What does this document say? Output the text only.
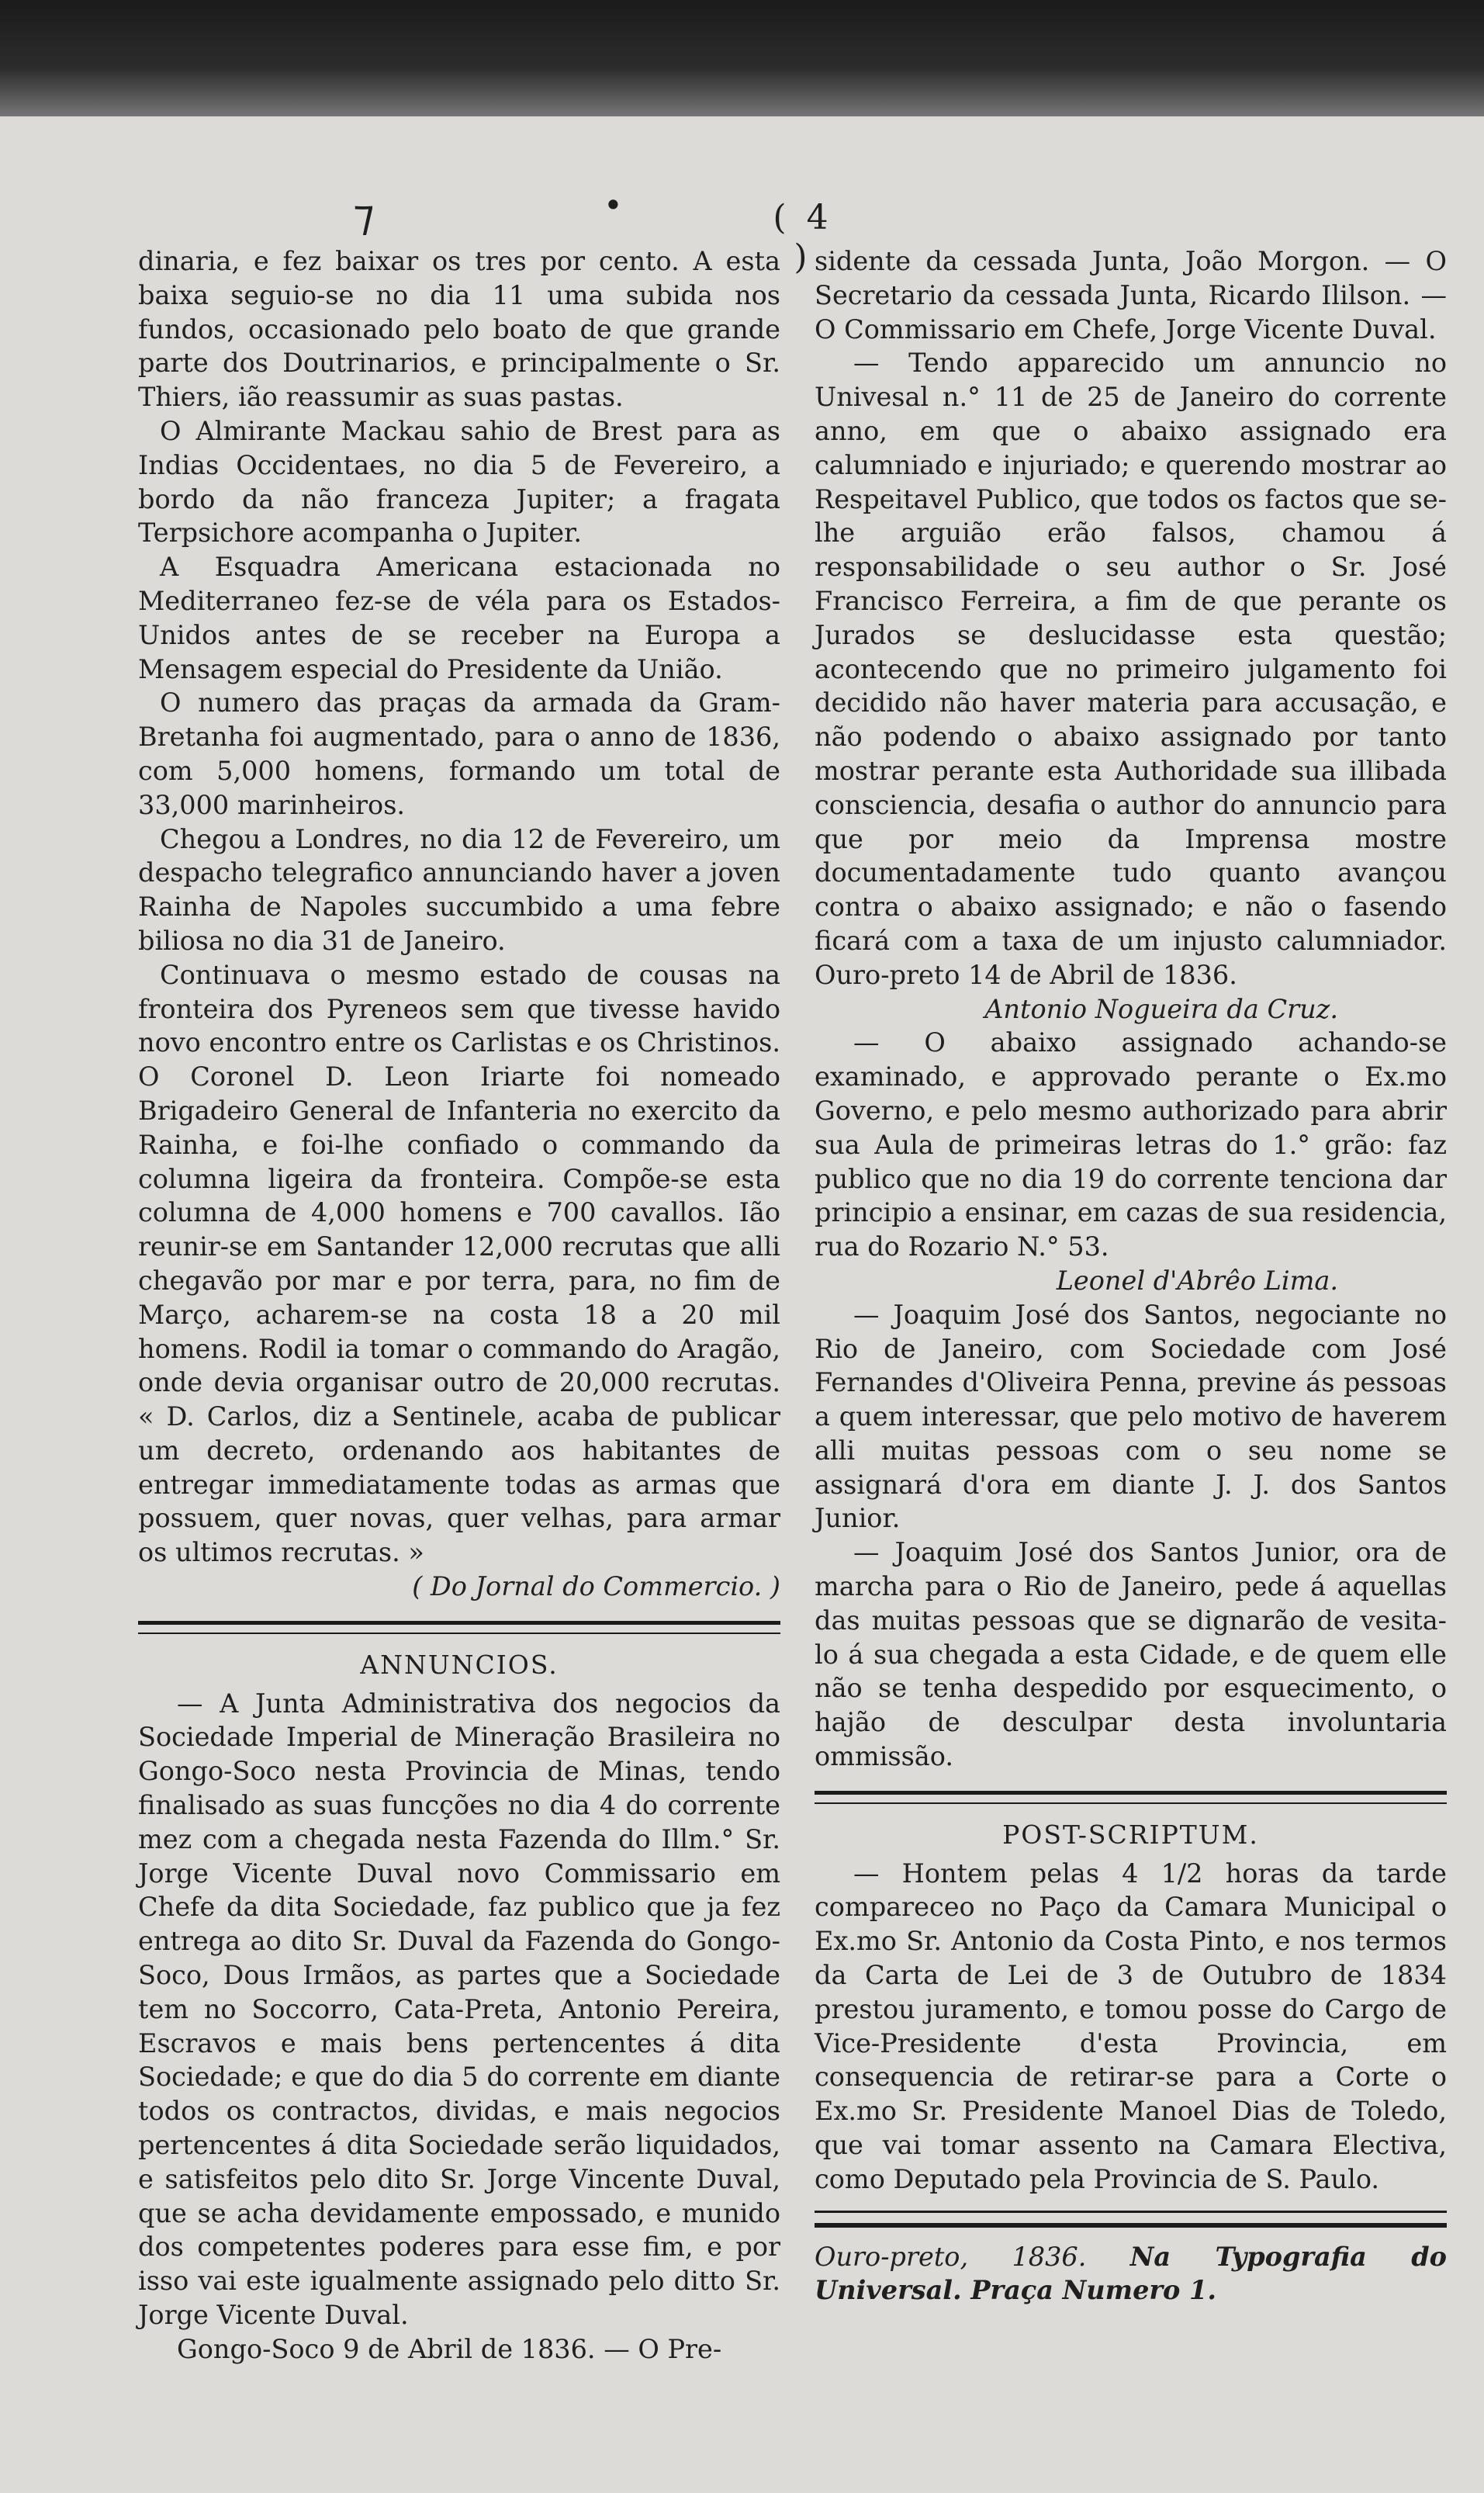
⁊	•	( 4 )

dinaria, e fez baixar os tres por cento. A esta baixa seguio-se no dia 11 uma subida nos fundos, occasionado pelo boato de que grande parte dos Doutrinarios, e principalmente o Sr. Thiers, ião reassumir as suas pastas.

O Almirante Mackau sahio de Brest para as Indias Occidentaes, no dia 5 de Fevereiro, a bordo da não franceza Jupiter; a fragata Terpsichore acompanha o Jupiter.

A Esquadra Americana estacionada no Mediterraneo fez-se de véla para os Estados-Unidos antes de se receber na Europa a Mensagem especial do Presidente da União.

O numero das praças da armada da Gram-Bretanha foi augmentado, para o anno de 1836, com 5,000 homens, formando um total de 33,000 marinheiros.

Chegou a Londres, no dia 12 de Fevereiro, um despacho telegrafico annunciando haver a joven Rainha de Napoles succumbido a uma febre biliosa no dia 31 de Janeiro.

Continuava o mesmo estado de cousas na fronteira dos Pyreneos sem que tivesse havido novo encontro entre os Carlistas e os Christinos. O Coronel D. Leon Iriarte foi nomeado Brigadeiro General de Infanteria no exercito da Rainha, e foi-lhe confiado o commando da columna ligeira da fronteira. Compõe-se esta columna de 4,000 homens e 700 cavallos. Ião reunir-se em Santander 12,000 recrutas que alli chegavão por mar e por terra, para, no fim de Março, acharem-se na costa 18 a 20 mil homens. Rodil ia tomar o commando do Aragão, onde devia organisar outro de 20,000 recrutas. « D. Carlos, diz a Sentinele, acaba de publicar um decreto, ordenando aos habitantes de entregar immediatamente todas as armas que possuem, quer novas, quer velhas, para armar os ultimos recrutas. »

( Do Jornal do Commercio. )

ANNUNCIOS.

— A Junta Administrativa dos negocios da Sociedade Imperial de Mineração Brasileira no Gongo-Soco nesta Provincia de Minas, tendo finalisado as suas funcções no dia 4 do corrente mez com a chegada nesta Fazenda do Illm.° Sr. Jorge Vicente Duval novo Commissario em Chefe da dita Sociedade, faz publico que ja fez entrega ao dito Sr. Duval da Fazenda do Gongo-Soco, Dous Irmãos, as partes que a Sociedade tem no Soccorro, Cata-Preta, Antonio Pereira, Escravos e mais bens pertencentes á dita Sociedade; e que do dia 5 do corrente em diante todos os contractos, dividas, e mais negocios pertencentes á dita Sociedade serão liquidados, e satisfeitos pelo dito Sr. Jorge Vincente Duval, que se acha devidamente empossado, e munido dos competentes poderes para esse fim, e por isso vai este igualmente assignado pelo ditto Sr. Jorge Vicente Duval.

Gongo-Soco 9 de Abril de 1836. — O Pre-

sidente da cessada Junta, João Morgon. — O Secretario da cessada Junta, Ricardo Ililson. — O Commissario em Chefe, Jorge Vicente Duval.

— Tendo apparecido um annuncio no Univesal n.° 11 de 25 de Janeiro do corrente anno, em que o abaixo assignado era calumniado e injuriado; e querendo mostrar ao Respeitavel Publico, que todos os factos que se-lhe arguião erão falsos, chamou á responsabilidade o seu author o Sr. José Francisco Ferreira, a fim de que perante os Jurados se deslucidasse esta questão; acontecendo que no primeiro julgamento foi decidido não haver materia para accusação, e não podendo o abaixo assignado por tanto mostrar perante esta Authoridade sua illibada consciencia, desafia o author do annuncio para que por meio da Imprensa mostre documentadamente tudo quanto avançou contra o abaixo assignado; e não o fasendo ficará com a taxa de um injusto calumniador. Ouro-preto 14 de Abril de 1836.

Antonio Nogueira da Cruz.

— O abaixo assignado achando-se examinado, e approvado perante o Ex.mo Governo, e pelo mesmo authorizado para abrir sua Aula de primeiras letras do 1.° grão: faz publico que no dia 19 do corrente tenciona dar principio a ensinar, em cazas de sua residencia, rua do Rozario N.° 53.

Leonel d'Abrêo Lima.

— Joaquim José dos Santos, negociante no Rio de Janeiro, com Sociedade com José Fernandes d'Oliveira Penna, previne ás pessoas a quem interessar, que pelo motivo de haverem alli muitas pessoas com o seu nome se assignará d'ora em diante J. J. dos Santos Junior.

— Joaquim José dos Santos Junior, ora de marcha para o Rio de Janeiro, pede á aquellas das muitas pessoas que se dignarão de vesita-lo á sua chegada a esta Cidade, e de quem elle não se tenha despedido por esquecimento, o hajão de desculpar desta involuntaria ommissão.

POST-SCRIPTUM.

— Hontem pelas 4 1/2 horas da tarde compareceo no Paço da Camara Municipal o Ex.mo Sr. Antonio da Costa Pinto, e nos termos da Carta de Lei de 3 de Outubro de 1834 prestou juramento, e tomou posse do Cargo de Vice-Presidente d'esta Provincia, em consequencia de retirar-se para a Corte o Ex.mo Sr. Presidente Manoel Dias de Toledo, que vai tomar assento na Camara Electiva, como Deputado pela Provincia de S. Paulo.

Ouro-preto, 1836. Na Typografia do Universal. Praça Numero 1.
